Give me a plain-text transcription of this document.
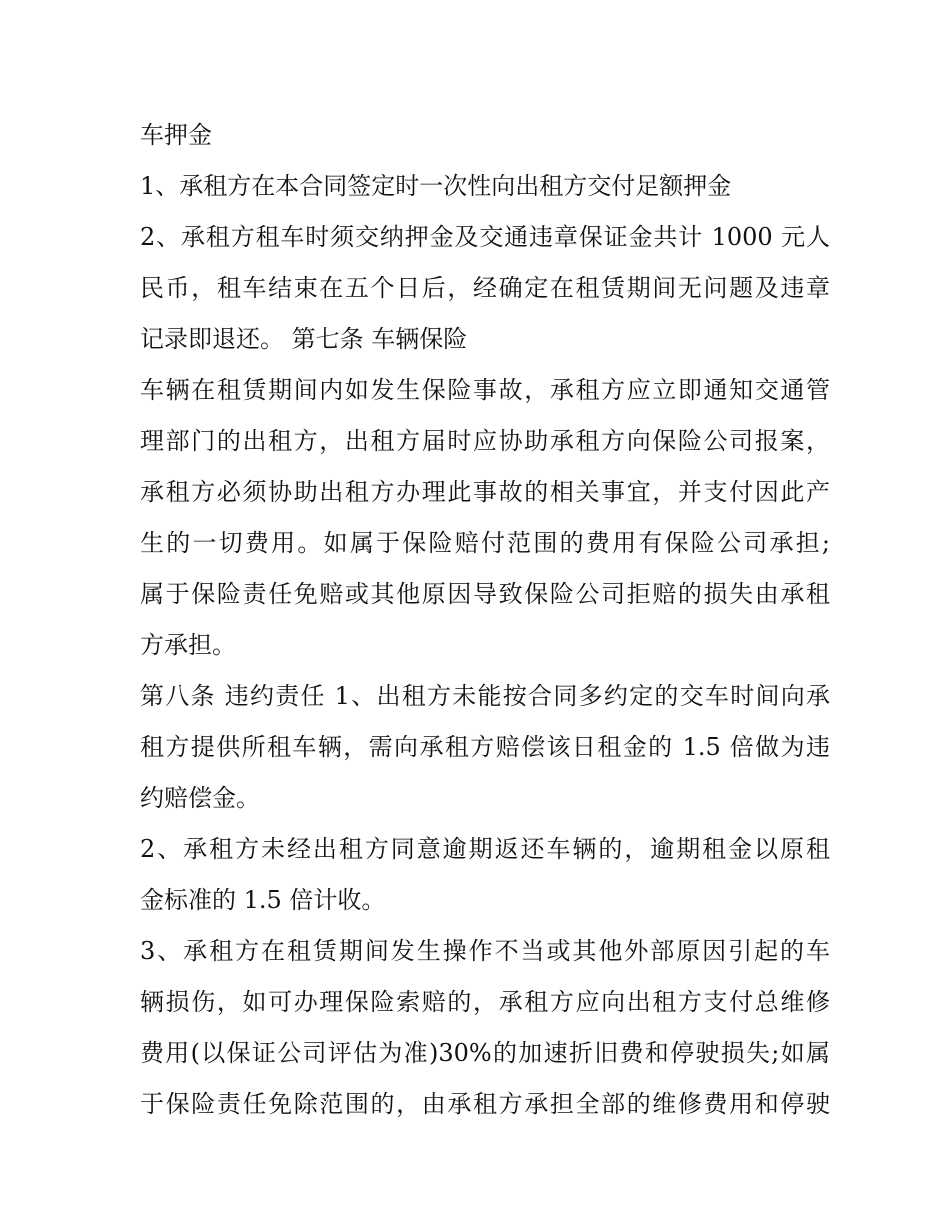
车押金
1、承租方在本合同签定时一次性向出租方交付足额押金
2、承租方租车时须交纳押金及交通违章保证金共计 1000 元人
民币，租车结束在五个日后，经确定在租赁期间无问题及违章
记录即退还。 第七条 车辆保险
车辆在租赁期间内如发生保险事故，承租方应立即通知交通管
理部门的出租方，出租方届时应协助承租方向保险公司报案，
承租方必须协助出租方办理此事故的相关事宜，并支付因此产
生的一切费用。如属于保险赔付范围的费用有保险公司承担;
属于保险责任免赔或其他原因导致保险公司拒赔的损失由承租
方承担。
第八条 违约责任 1、出租方未能按合同多约定的交车时间向承
租方提供所租车辆，需向承租方赔偿该日租金的 1.5 倍做为违
约赔偿金。
2、承租方未经出租方同意逾期返还车辆的，逾期租金以原租
金标准的 1.5 倍计收。
3、承租方在租赁期间发生操作不当或其他外部原因引起的车
辆损伤，如可办理保险索赔的，承租方应向出租方支付总维修
费用(以保证公司评估为准)30%的加速折旧费和停驶损失;如属
于保险责任免除范围的，由承租方承担全部的维修费用和停驶
